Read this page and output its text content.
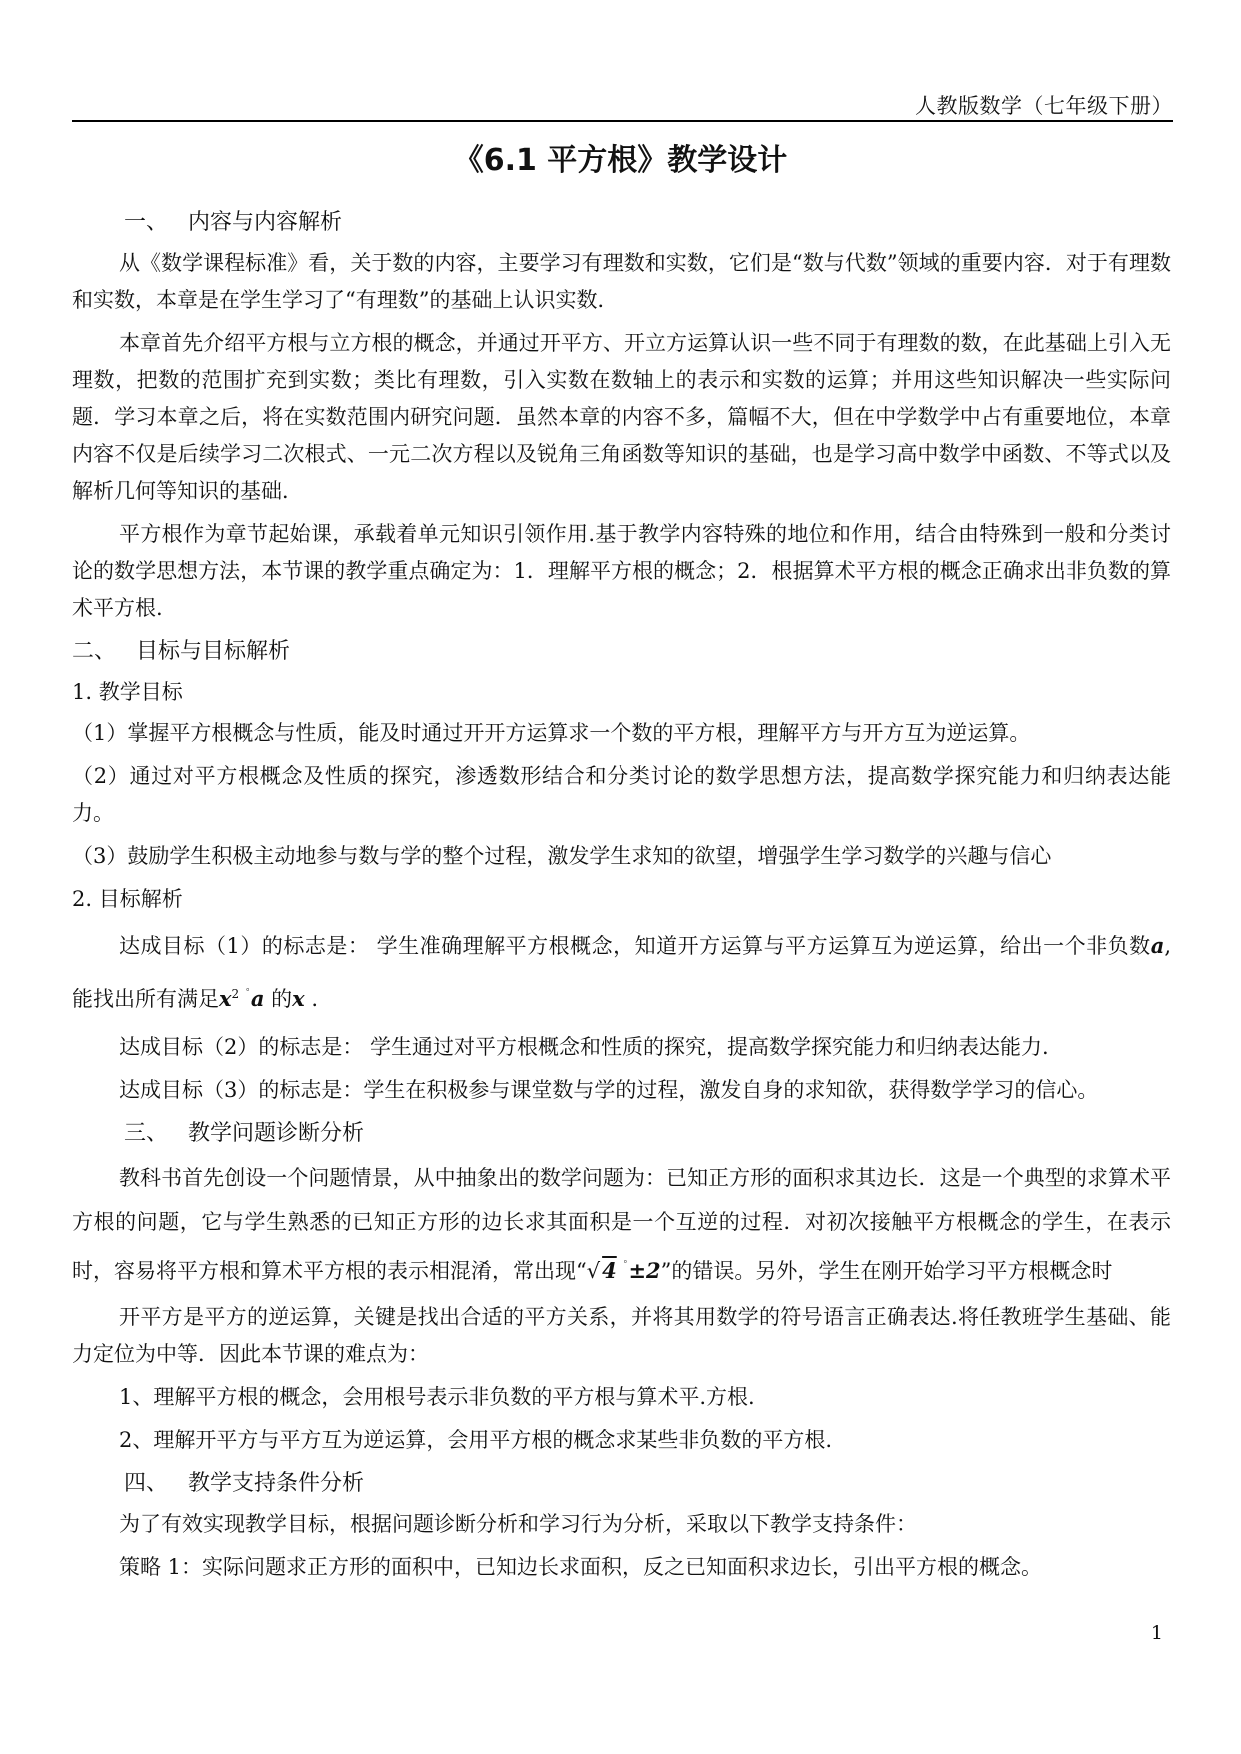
人教版数学（七年级下册）
《6.1 平方根》教学设计
一、 内容与内容解析

从《数学课程标准》看，关于数的内容，主要学习有理数和实数，它们是“数与代数”领域的重要内容．对于有理数和实数，本章是在学生学习了“有理数”的基础上认识实数．

本章首先介绍平方根与立方根的概念，并通过开平方、开立方运算认识一些不同于有理数的数，在此基础上引入无理数，把数的范围扩充到实数；类比有理数，引入实数在数轴上的表示和实数的运算；并用这些知识解决一些实际问题．学习本章之后，将在实数范围内研究问题．虽然本章的内容不多，篇幅不大，但在中学数学中占有重要地位，本章内容不仅是后续学习二次根式、一元二次方程以及锐角三角函数等知识的基础，也是学习高中数学中函数、不等式以及解析几何等知识的基础．

平方根作为章节起始课，承载着单元知识引领作用.基于教学内容特殊的地位和作用，结合由特殊到一般和分类讨论的数学思想方法，本节课的教学重点确定为：1．理解平方根的概念；2．根据算术平方根的概念正确求出非负数的算术平方根.

二、 目标与目标解析

1. 教学目标

（1）掌握平方根概念与性质，能及时通过开开方运算求一个数的平方根，理解平方与开方互为逆运算。

（2）通过对平方根概念及性质的探究，渗透数形结合和分类讨论的数学思想方法，提高数学探究能力和归纳表达能力。

（3）鼓励学生积极主动地参与数与学的整个过程，激发学生求知的欲望，增强学生学习数学的兴趣与信心

2. 目标解析

达成目标（1）的标志是： 学生准确理解平方根概念，知道开方运算与平方运算互为逆运算，给出一个非负数a, 能找出所有满足$x^2$ $^ﾟ$a 的x .

达成目标（2）的标志是： 学生通过对平方根概念和性质的探究，提高数学探究能力和归纳表达能力.

达成目标（3）的标志是：学生在积极参与课堂数与学的过程，激发自身的求知欲，获得数学学习的信心。

三、 教学问题诊断分析

教科书首先创设一个问题情景，从中抽象出的数学问题为：已知正方形的面积求其边长．这是一个典型的求算术平方根的问题，它与学生熟悉的已知正方形的边长求其面积是一个互逆的过程．对初次接触平方根概念的学生，在表示时，容易将平方根和算术平方根的表示相混淆，常出现“√4 $^ﾟ$±2”的错误。另外，学生在刚开始学习平方根概念时

开平方是平方的逆运算，关键是找出合适的平方关系，并将其用数学的符号语言正确表达.将任教班学生基础、能力定位为中等．因此本节课的难点为：

1、理解平方根的概念，会用根号表示非负数的平方根与算术平.方根.

2、理解开平方与平方互为逆运算，会用平方根的概念求某些非负数的平方根.

四、 教学支持条件分析

为了有效实现教学目标，根据问题诊断分析和学习行为分析，采取以下教学支持条件：

策略 1：实际问题求正方形的面积中，已知边长求面积，反之已知面积求边长，引出平方根的概念。

1
